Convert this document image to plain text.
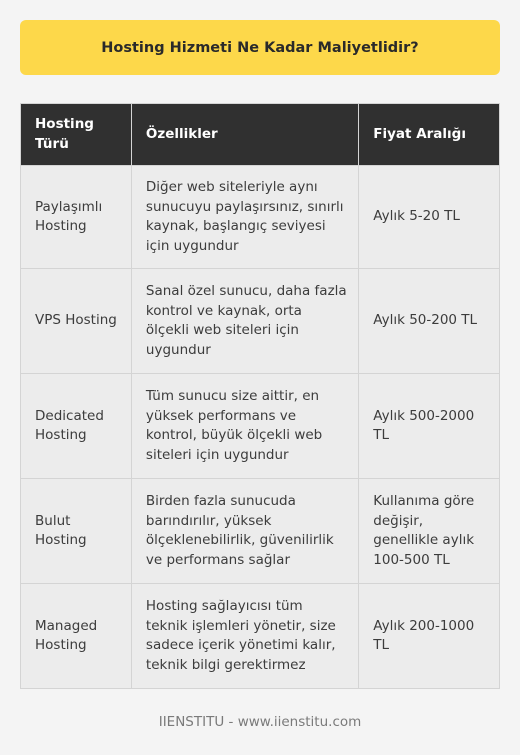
Hosting Hizmeti Ne Kadar Maliyetlidir?
Hosting Türü	Özellikler	Fiyat Aralığı
Paylaşımlı Hosting	Diğer web siteleriyle aynı sunucuyu paylaşırsınız, sınırlı kaynak, başlangıç seviyesi için uygundur	Aylık 5-20 TL
VPS Hosting	Sanal özel sunucu, daha fazla kontrol ve kaynak, orta ölçekli web siteleri için uygundur	Aylık 50-200 TL
Dedicated Hosting	Tüm sunucu size aittir, en yüksek performans ve kontrol, büyük ölçekli web siteleri için uygundur	Aylık 500-2000 TL
Bulut Hosting	Birden fazla sunucuda barındırılır, yüksek ölçeklenebilirlik, güvenilirlik ve performans sağlar	Kullanıma göre değişir, genellikle aylık 100-500 TL
Managed Hosting	Hosting sağlayıcısı tüm teknik işlemleri yönetir, size sadece içerik yönetimi kalır, teknik bilgi gerektirmez	Aylık 200-1000 TL
IIENSTITU - www.iienstitu.com
